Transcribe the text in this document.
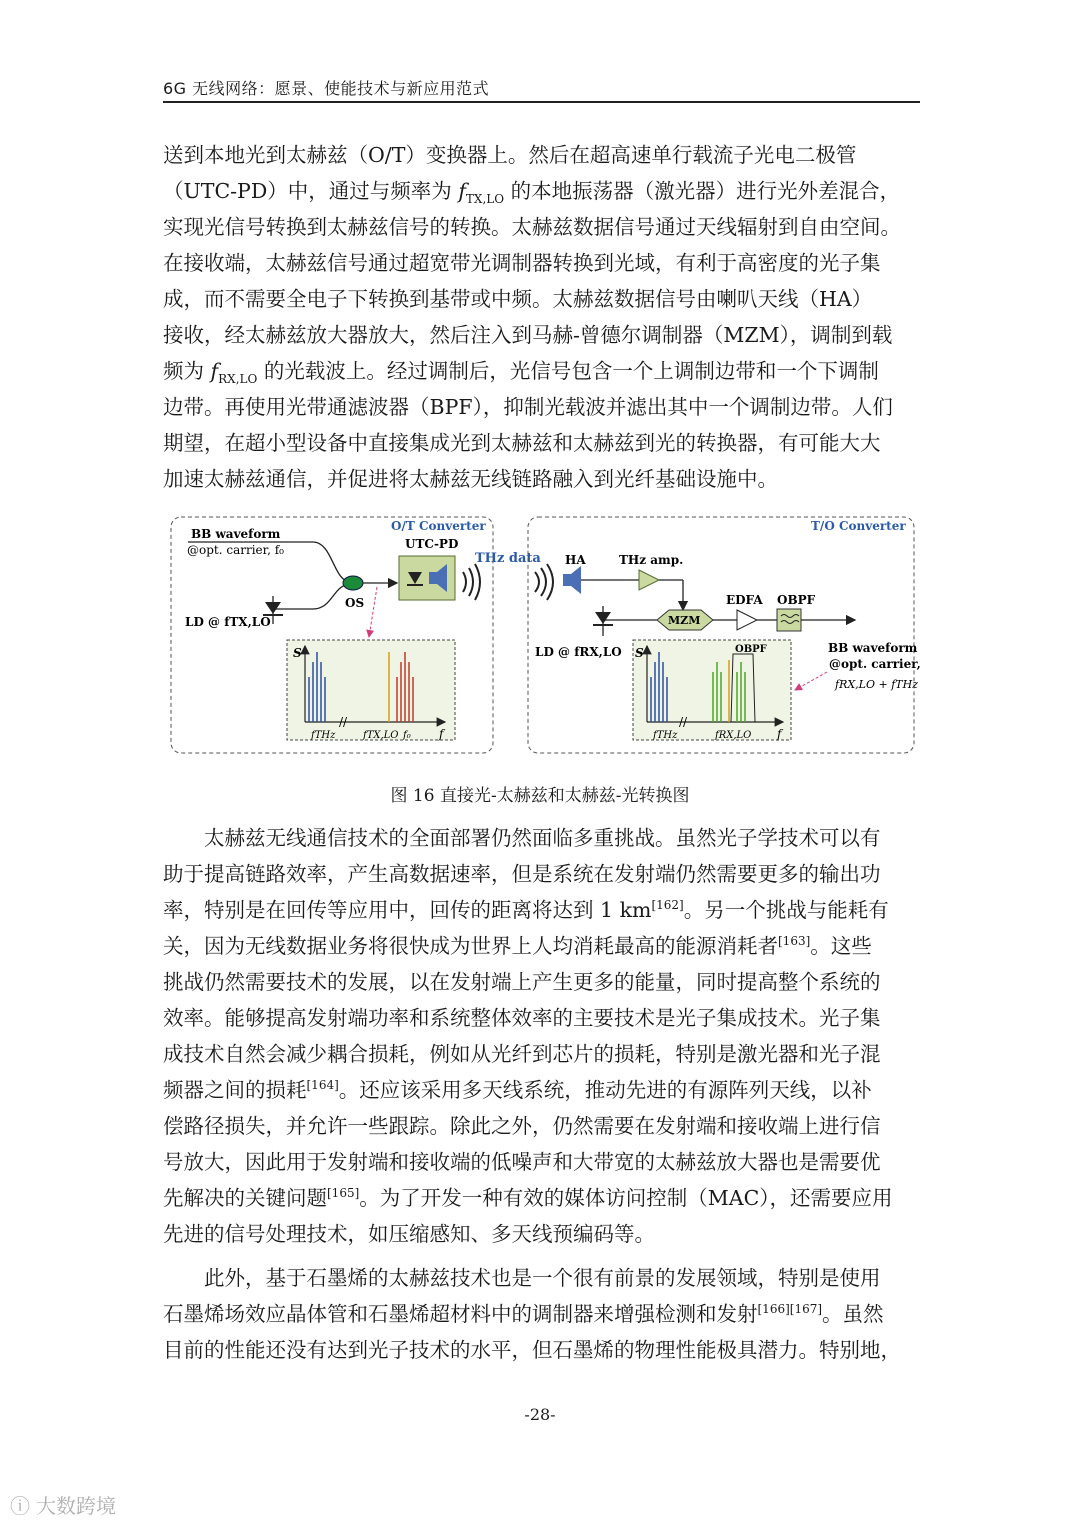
6G 无线网络：愿景、使能技术与新应用范式

送到本地光到太赫兹（O/T）变换器上。然后在超高速单行载流子光电二极管

（UTC-PD）中，通过与频率为 $f_{TX,LO}$ 的本地振荡器（激光器）进行光外差混合，

实现光信号转换到太赫兹信号的转换。太赫兹数据信号通过天线辐射到自由空间。

在接收端，太赫兹信号通过超宽带光调制器转换到光域，有利于高密度的光子集

成，而不需要全电子下转换到基带或中频。太赫兹数据信号由喇叭天线（HA）

接收，经太赫兹放大器放大，然后注入到马赫-曾德尔调制器（MZM），调制到载

频为 $f_{RX,LO}$ 的光载波上。经过调制后，光信号包含一个上调制边带和一个下调制

边带。再使用光带通滤波器（BPF），抑制光载波并滤出其中一个调制边带。人们

期望，在超小型设备中直接集成光到太赫兹和太赫兹到光的转换器，有可能大大

加速太赫兹通信，并促进将太赫兹无线链路融入到光纤基础设施中。

O/T Converter
BB waveform
@opt. carrier, f₀
LD @ fTX,LO
OS
UTC-PD
THz data
S
f
//
fTHz	fTX,LO f₀
T/O Converter
HA	THz amp.
LD @ fRX,LO
MZM
EDFA OBPF
BB waveform
@opt. carrier,
fRX,LO + fTHz
S
f
OBPF
//
fTHz	fRX,LO
图 16 直接光-太赫兹和太赫兹-光转换图

太赫兹无线通信技术的全面部署仍然面临多重挑战。虽然光子学技术可以有

助于提高链路效率，产生高数据速率，但是系统在发射端仍然需要更多的输出功

率，特别是在回传等应用中，回传的距离将达到 1 km[162]。另一个挑战与能耗有

关，因为无线数据业务将很快成为世界上人均消耗最高的能源消耗者[163]。这些

挑战仍然需要技术的发展，以在发射端上产生更多的能量，同时提高整个系统的

效率。能够提高发射端功率和系统整体效率的主要技术是光子集成技术。光子集

成技术自然会减少耦合损耗，例如从光纤到芯片的损耗，特别是激光器和光子混

频器之间的损耗[164]。还应该采用多天线系统，推动先进的有源阵列天线，以补

偿路径损失，并允许一些跟踪。除此之外，仍然需要在发射端和接收端上进行信

号放大，因此用于发射端和接收端的低噪声和大带宽的太赫兹放大器也是需要优

先解决的关键问题[165]。为了开发一种有效的媒体访问控制（MAC），还需要应用

先进的信号处理技术，如压缩感知、多天线预编码等。

此外，基于石墨烯的太赫兹技术也是一个很有前景的发展领域，特别是使用

石墨烯场效应晶体管和石墨烯超材料中的调制器来增强检测和发射[166][167]。虽然

目前的性能还没有达到光子技术的水平，但石墨烯的物理性能极具潜力。特别地，

-28-
ⓘ 大数跨境
